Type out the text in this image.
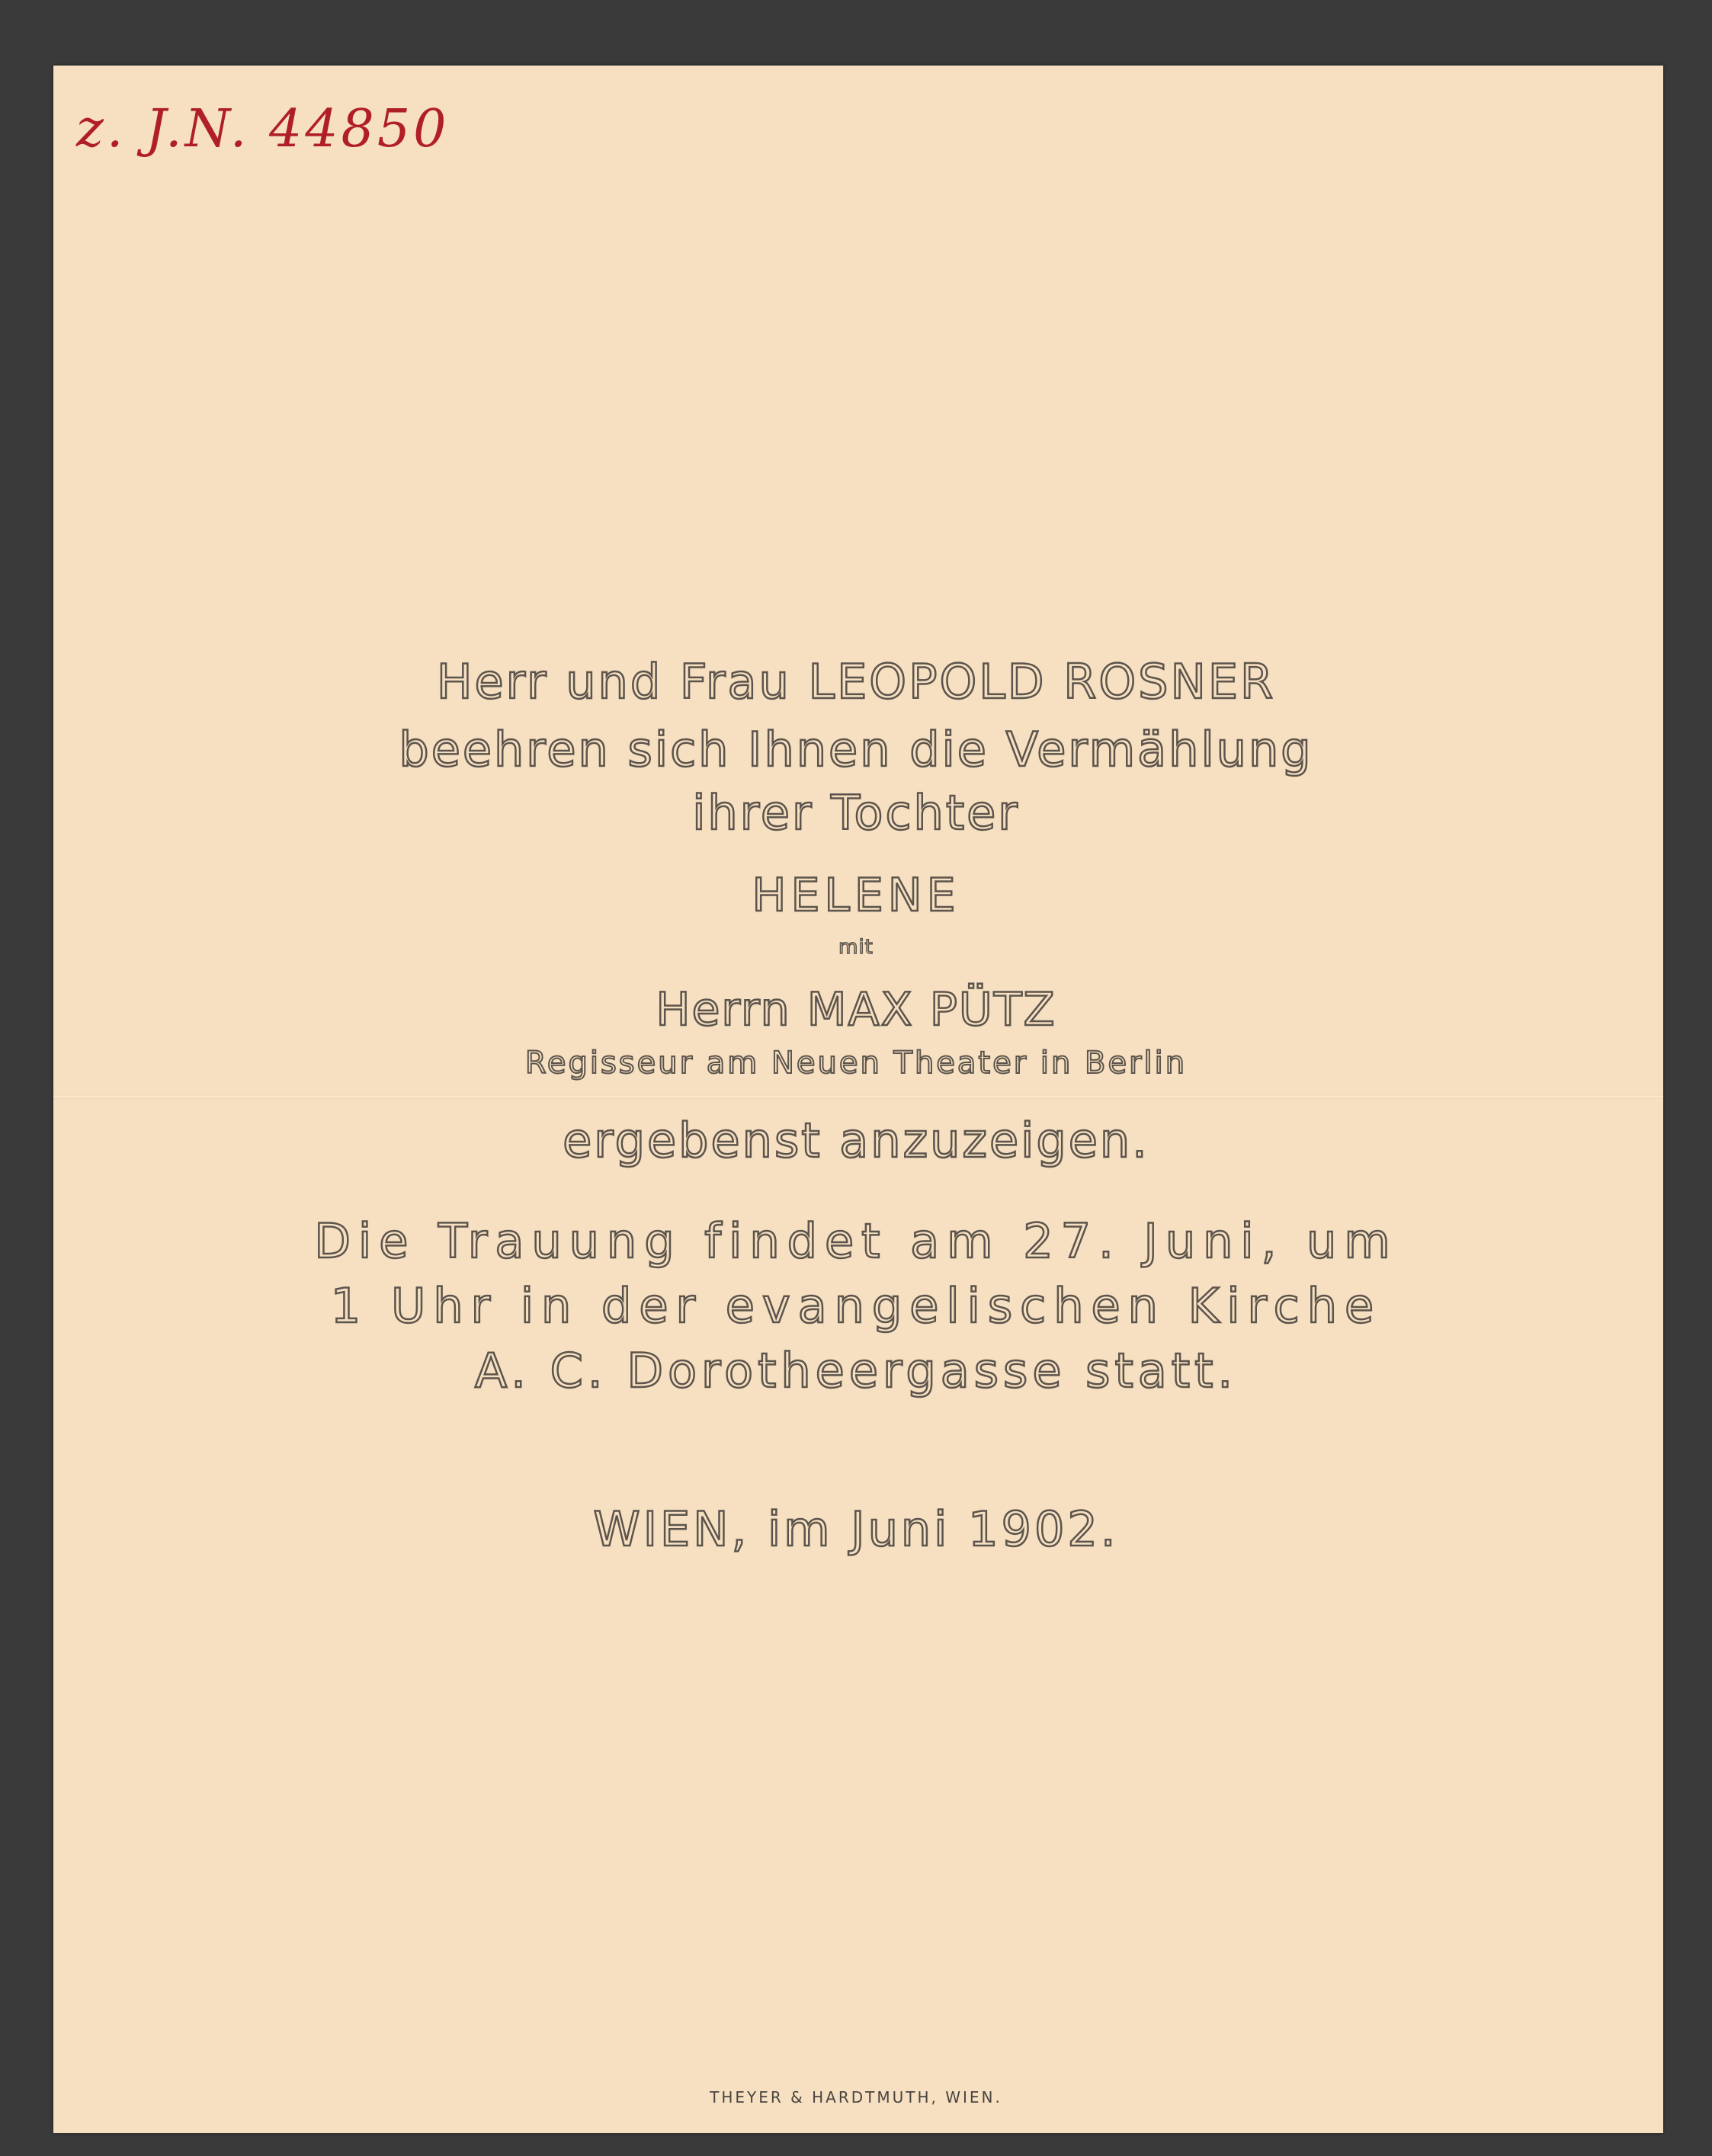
z. J.N. 44850
Herr und Frau LEOPOLD ROSNER
beehren sich Ihnen die Vermählung
ihrer Tochter
HELENE
mit
Herrn MAX PÜTZ
Regisseur am Neuen Theater in Berlin
ergebenst anzuzeigen.
Die Trauung findet am 27. Juni, um
1 Uhr in der evangelischen Kirche
A. C. Dorotheergasse statt.
WIEN, im Juni 1902.
THEYER & HARDTMUTH, WIEN.
